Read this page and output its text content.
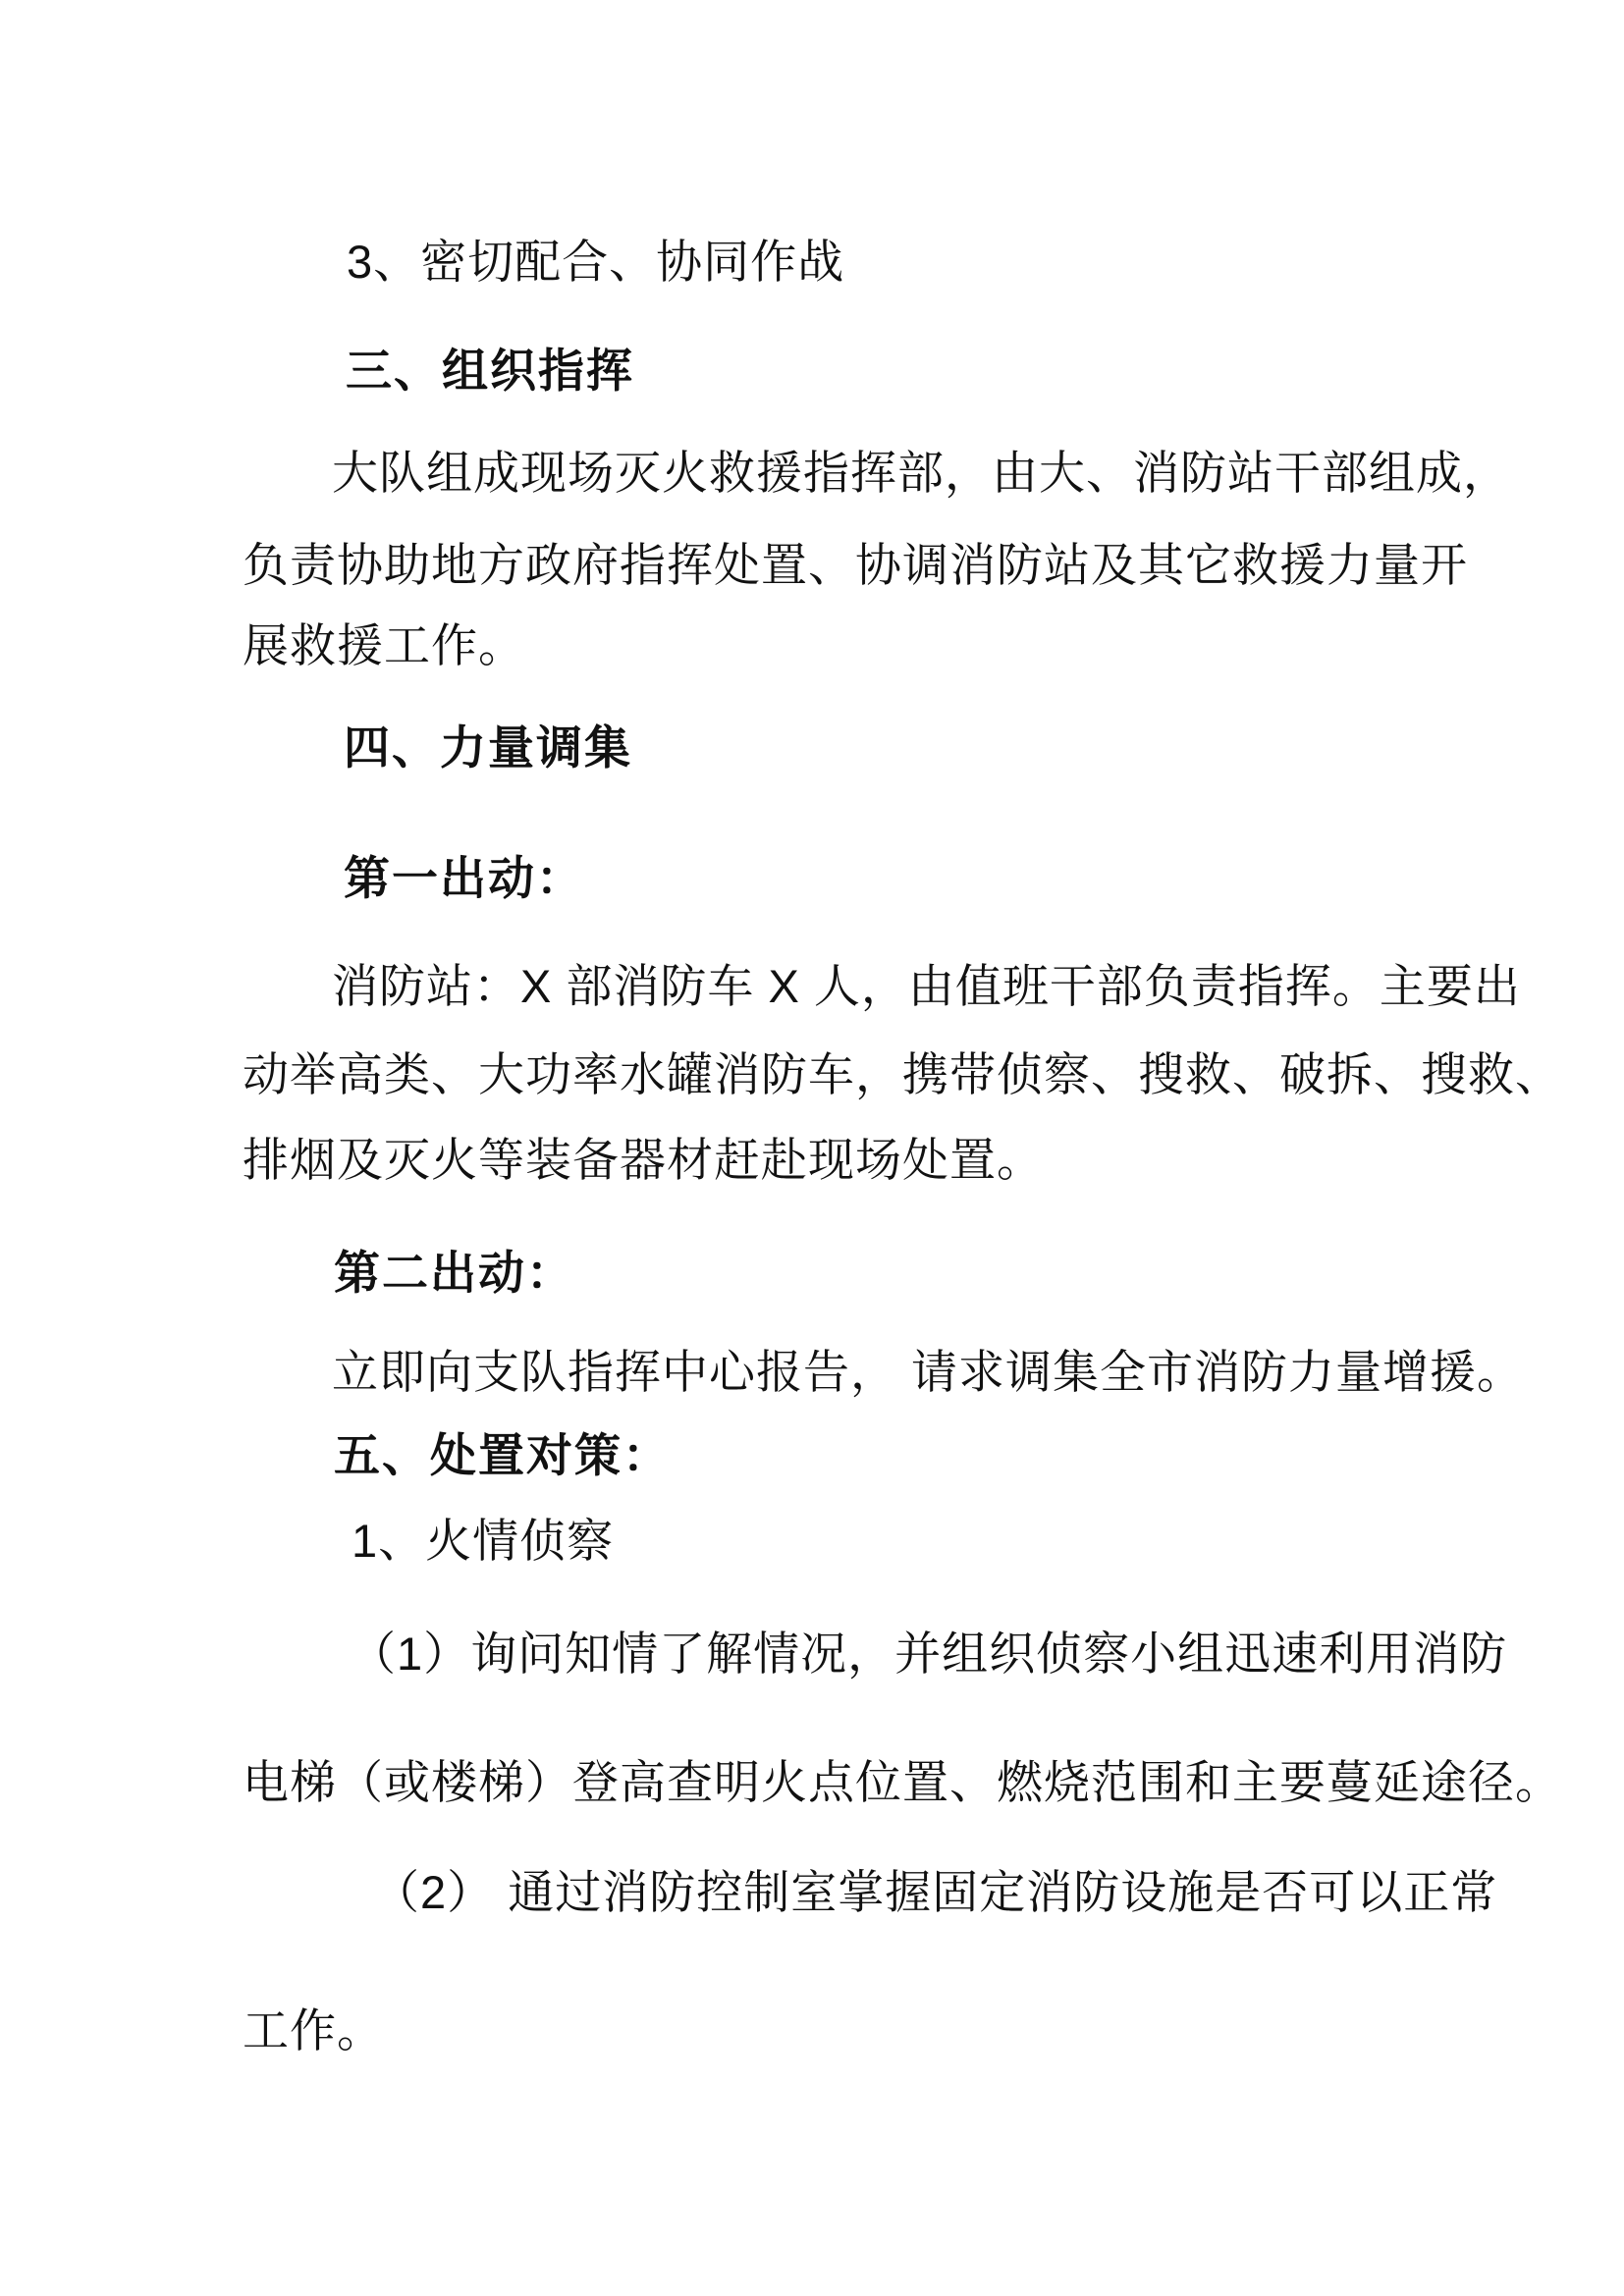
3、密切配合、协同作战
三、组织指挥
大队组成现场灭火救援指挥部，由大、消防站干部组成，
负责协助地方政府指挥处置、协调消防站及其它救援力量开
展救援工作。
四、力量调集
第一出动：
消防站：X 部消防车 X 人，由值班干部负责指挥。主要出
动举高类、大功率水罐消防车，携带侦察、搜救、破拆、搜救、
排烟及灭火等装备器材赶赴现场处置。
第二出动：
立即向支队指挥中心报告， 请求调集全市消防力量增援。
五、处置对策：
1、火情侦察
（1）询问知情了解情况，并组织侦察小组迅速利用消防
电梯（或楼梯）登高查明火点位置、燃烧范围和主要蔓延途径。
（2） 通过消防控制室掌握固定消防设施是否可以正常
工作。
